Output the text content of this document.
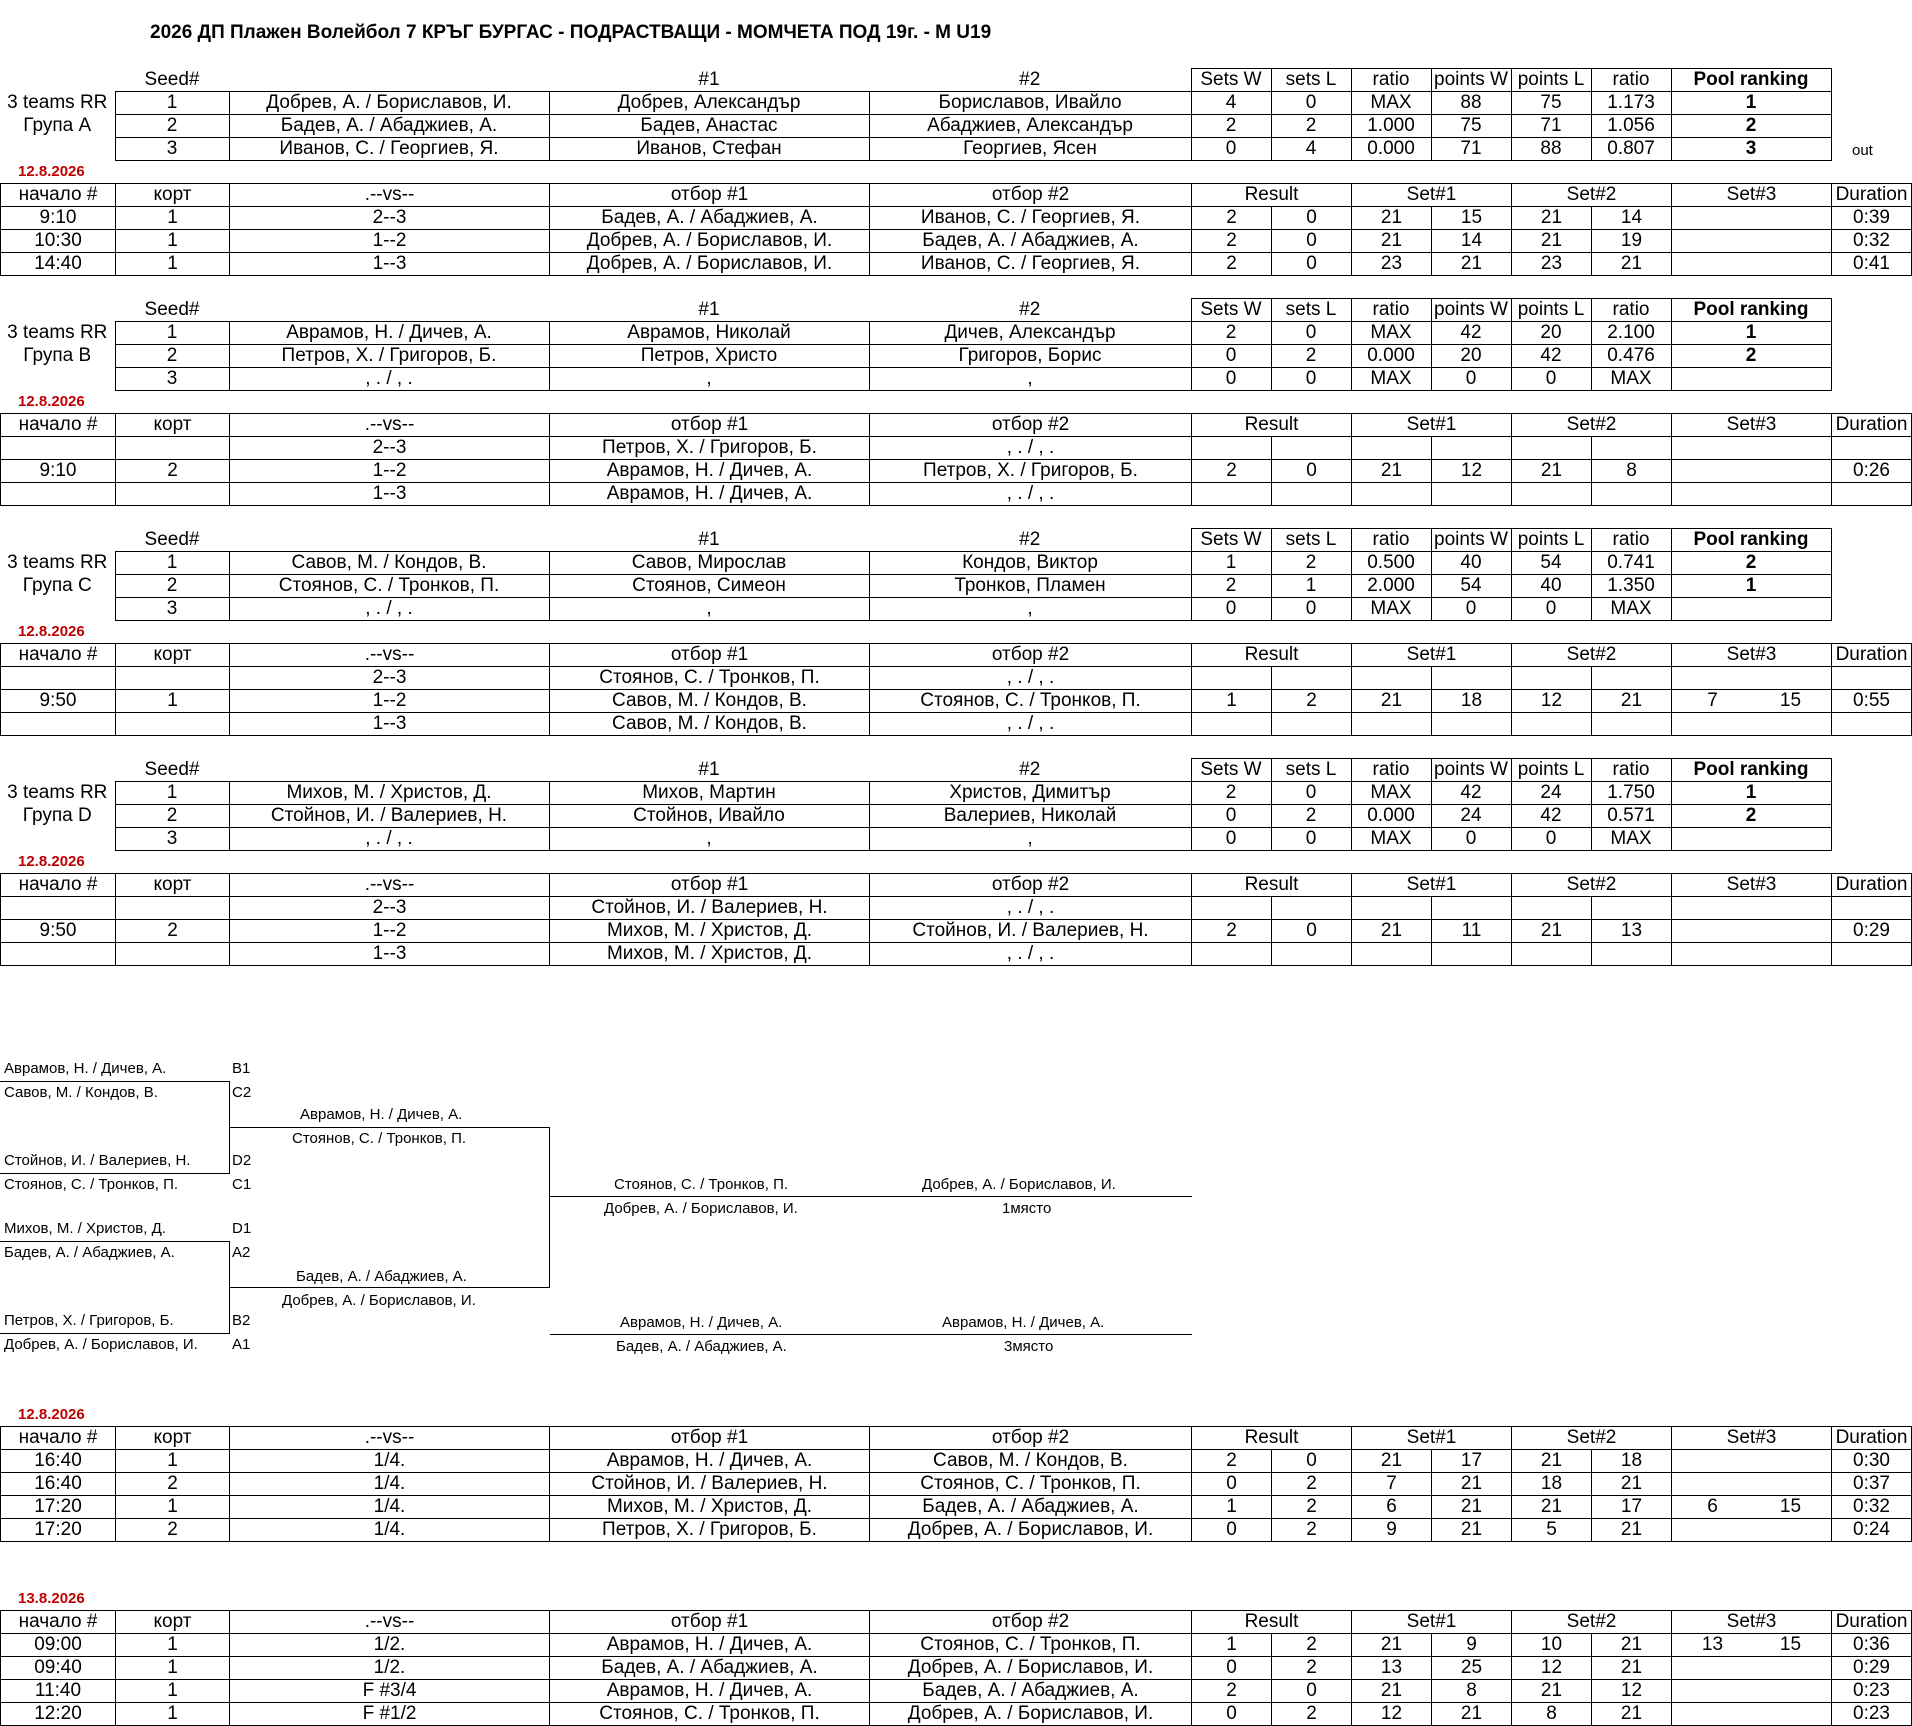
2026 ДП Плажен Волейбол 7 КРЪГ БУРГАС - ПОДРАСТВАЩИ - МОМЧЕТА ПОД 19г. - М U19
	Seed#		#1	#2	Sets W	sets L	ratio	points W	points L	ratio	Pool ranking
3 teams RR	1	Добрев, А. / Бориславов, И.	Добрев, Александър	Бориславов, Ивайло	4	0	MAX	88	75	1.173	1
Група A	2	Бадев, А. / Абаджиев, А.	Бадев, Анастас	Абаджиев, Александър	2	2	1.000	75	71	1.056	2
	3	Иванов, С. / Георгиев, Я.	Иванов, Стефан	Георгиев, Ясен	0	4	0.000	71	88	0.807	3
12.8.2026
начало #	корт	.--vs--	отбор #1	отбор #2	Result		Set#1		Set#2		Set#3	Duration
9:10	1	2--3	Бадев, А. / Абаджиев, А.	Иванов, С. / Георгиев, Я.	2	0	21	15	21	14		0:39
10:30	1	1--2	Добрев, А. / Бориславов, И.	Бадев, А. / Абаджиев, А.	2	0	21	14	21	19		0:32
14:40	1	1--3	Добрев, А. / Бориславов, И.	Иванов, С. / Георгиев, Я.	2	0	23	21	23	21		0:41
	Seed#		#1	#2	Sets W	sets L	ratio	points W	points L	ratio	Pool ranking
3 teams RR	1	Аврамов, Н. / Дичев, А.	Аврамов, Николай	Дичев, Александър	2	0	MAX	42	20	2.100	1
Група B	2	Петров, Х. / Григоров, Б.	Петров, Христо	Григоров, Борис	0	2	0.000	20	42	0.476	2
	3	, . / , .	,	,	0	0	MAX	0	0	MAX	
12.8.2026
начало #	корт	.--vs--	отбор #1	отбор #2	Result		Set#1		Set#2		Set#3	Duration
		2--3	Петров, Х. / Григоров, Б.	, . / , .								
9:10	2	1--2	Аврамов, Н. / Дичев, А.	Петров, Х. / Григоров, Б.	2	0	21	12	21	8		0:26
		1--3	Аврамов, Н. / Дичев, А.	, . / , .								
	Seed#		#1	#2	Sets W	sets L	ratio	points W	points L	ratio	Pool ranking
3 teams RR	1	Савов, М. / Кондов, В.	Савов, Мирослав	Кондов, Виктор	1	2	0.500	40	54	0.741	2
Група C	2	Стоянов, С. / Тронков, П.	Стоянов, Симеон	Тронков, Пламен	2	1	2.000	54	40	1.350	1
	3	, . / , .	,	,	0	0	MAX	0	0	MAX	
12.8.2026
начало #	корт	.--vs--	отбор #1	отбор #2	Result		Set#1		Set#2		Set#3	Duration
		2--3	Стоянов, С. / Тронков, П.	, . / , .								
9:50	1	1--2	Савов, М. / Кондов, В.	Стоянов, С. / Тронков, П.	1	2	21	18	12	21	7 15	0:55
		1--3	Савов, М. / Кондов, В.	, . / , .								
	Seed#		#1	#2	Sets W	sets L	ratio	points W	points L	ratio	Pool ranking
3 teams RR	1	Михов, М. / Христов, Д.	Михов, Мартин	Христов, Димитър	2	0	MAX	42	24	1.750	1
Група D	2	Стойнов, И. / Валериев, Н.	Стойнов, Ивайло	Валериев, Николай	0	2	0.000	24	42	0.571	2
	3	, . / , .	,	,	0	0	MAX	0	0	MAX	
12.8.2026
начало #	корт	.--vs--	отбор #1	отбор #2	Result		Set#1		Set#2		Set#3	Duration
		2--3	Стойнов, И. / Валериев, Н.	, . / , .								
9:50	2	1--2	Михов, М. / Христов, Д.	Стойнов, И. / Валериев, Н.	2	0	21	11	21	13		0:29
		1--3	Михов, М. / Христов, Д.	, . / , .								
out
Аврамов, Н. / Дичев, А.	B1
Савов, М. / Кондов, В.	C2
Стойнов, И. / Валериев, Н.	D2
Стоянов, С. / Тронков, П.	C1
Михов, М. / Христов, Д.	D1
Бадев, А. / Абаджиев, А.	A2
Петров, Х. / Григоров, Б.	B2
Добрев, А. / Бориславов, И. A1
Аврамов, Н. / Дичев, А.
Стоянов, С. / Тронков, П.
Бадев, А. / Абаджиев, А.
Добрев, А. / Бориславов, И.
Стоянов, С. / Тронков, П.
Добрев, А. / Бориславов, И.
Добрев, А. / Бориславов, И.
1място
Аврамов, Н. / Дичев, А.
Бадев, А. / Абаджиев, А.
Аврамов, Н. / Дичев, А.
3място
12.8.2026
начало #	корт	.--vs--	отбор #1	отбор #2	Result		Set#1		Set#2		Set#3	Duration
16:40	1	1/4.	Аврамов, Н. / Дичев, А.	Савов, М. / Кондов, В.	2	0	21	17	21	18		0:30
16:40	2	1/4.	Стойнов, И. / Валериев, Н.	Стоянов, С. / Тронков, П.	0	2	7	21	18	21		0:37
17:20	1	1/4.	Михов, М. / Христов, Д.	Бадев, А. / Абаджиев, А.	1	2	6	21	21	17	6 15	0:32
17:20	2	1/4.	Петров, Х. / Григоров, Б.	Добрев, А. / Бориславов, И.	0	2	9	21	5	21		0:24
13.8.2026
начало #	корт	.--vs--	отбор #1	отбор #2	Result		Set#1		Set#2		Set#3	Duration
09:00	1	1/2.	Аврамов, Н. / Дичев, А.	Стоянов, С. / Тронков, П.	1	2	21	9	10	21	13 15	0:36
09:40	1	1/2.	Бадев, А. / Абаджиев, А.	Добрев, А. / Бориславов, И.	0	2	13	25	12	21		0:29
11:40	1	F #3/4	Аврамов, Н. / Дичев, А.	Бадев, А. / Абаджиев, А.	2	0	21	8	21	12		0:23
12:20	1	F #1/2	Стоянов, С. / Тронков, П.	Добрев, А. / Бориславов, И.	0	2	12	21	8	21		0:23
